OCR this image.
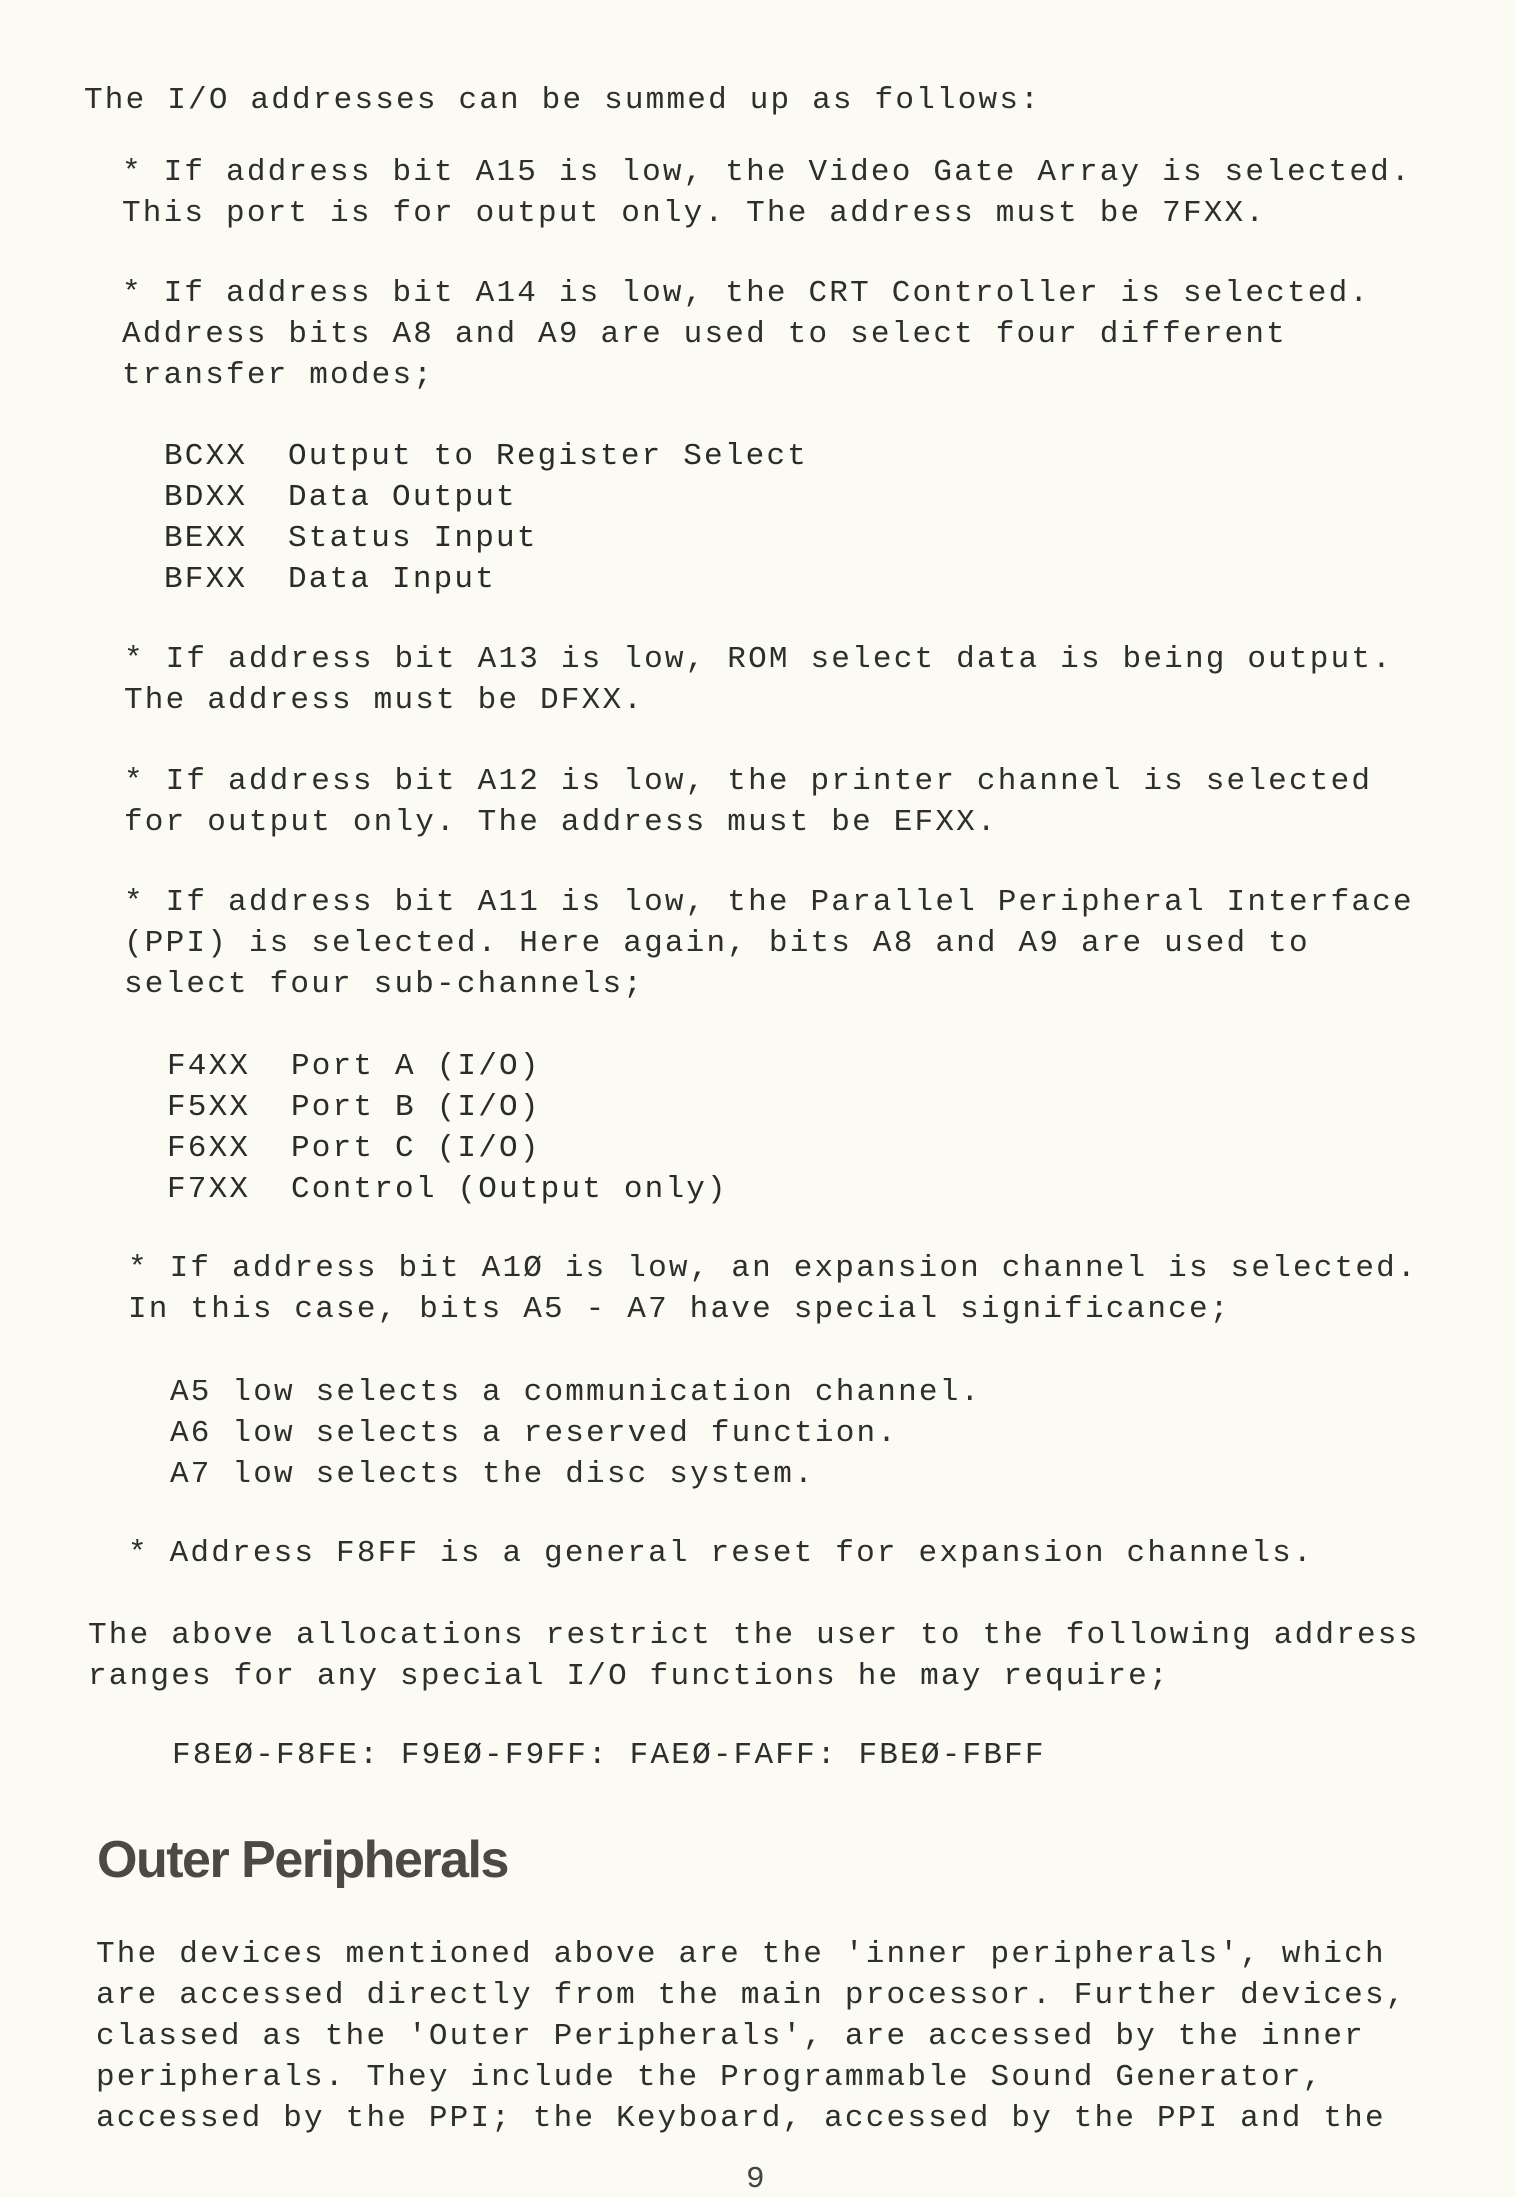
The I/O addresses can be summed up as follows:

* If address bit A15 is low, the Video Gate Array is selected.

This port is for output only. The address must be 7FXX.

* If address bit A14 is low, the CRT Controller is selected.

Address bits A8 and A9 are used to select four different

transfer modes;

BCXX	Output to Register Select
BDXX	Data Output
BEXX	Status Input
BFXX	Data Input

* If address bit A13 is low, ROM select data is being output.

The address must be DFXX.

* If address bit A12 is low, the printer channel is selected

for output only. The address must be EFXX.

* If address bit A11 is low, the Parallel Peripheral Interface

(PPI) is selected. Here again, bits A8 and A9 are used to

select four sub-channels;

F4XX	Port A (I/O)
F5XX	Port B (I/O)
F6XX	Port C (I/O)
F7XX	Control (Output only)

* If address bit A1Ø is low, an expansion channel is selected.

In this case, bits A5 - A7 have special significance;

A5 low selects a communication channel.

A6 low selects a reserved function.

A7 low selects the disc system.

* Address F8FF is a general reset for expansion channels.

The above allocations restrict the user to the following address

ranges for any special I/O functions he may require;

F8EØ-F8FE: F9EØ-F9FF: FAEØ-FAFF: FBEØ-FBFF

Outer Peripherals

The devices mentioned above are the 'inner peripherals', which

are accessed directly from the main processor. Further devices,

classed as the 'Outer Peripherals', are accessed by the inner

peripherals. They include the Programmable Sound Generator,

accessed by the PPI; the Keyboard, accessed by the PPI and the

9
